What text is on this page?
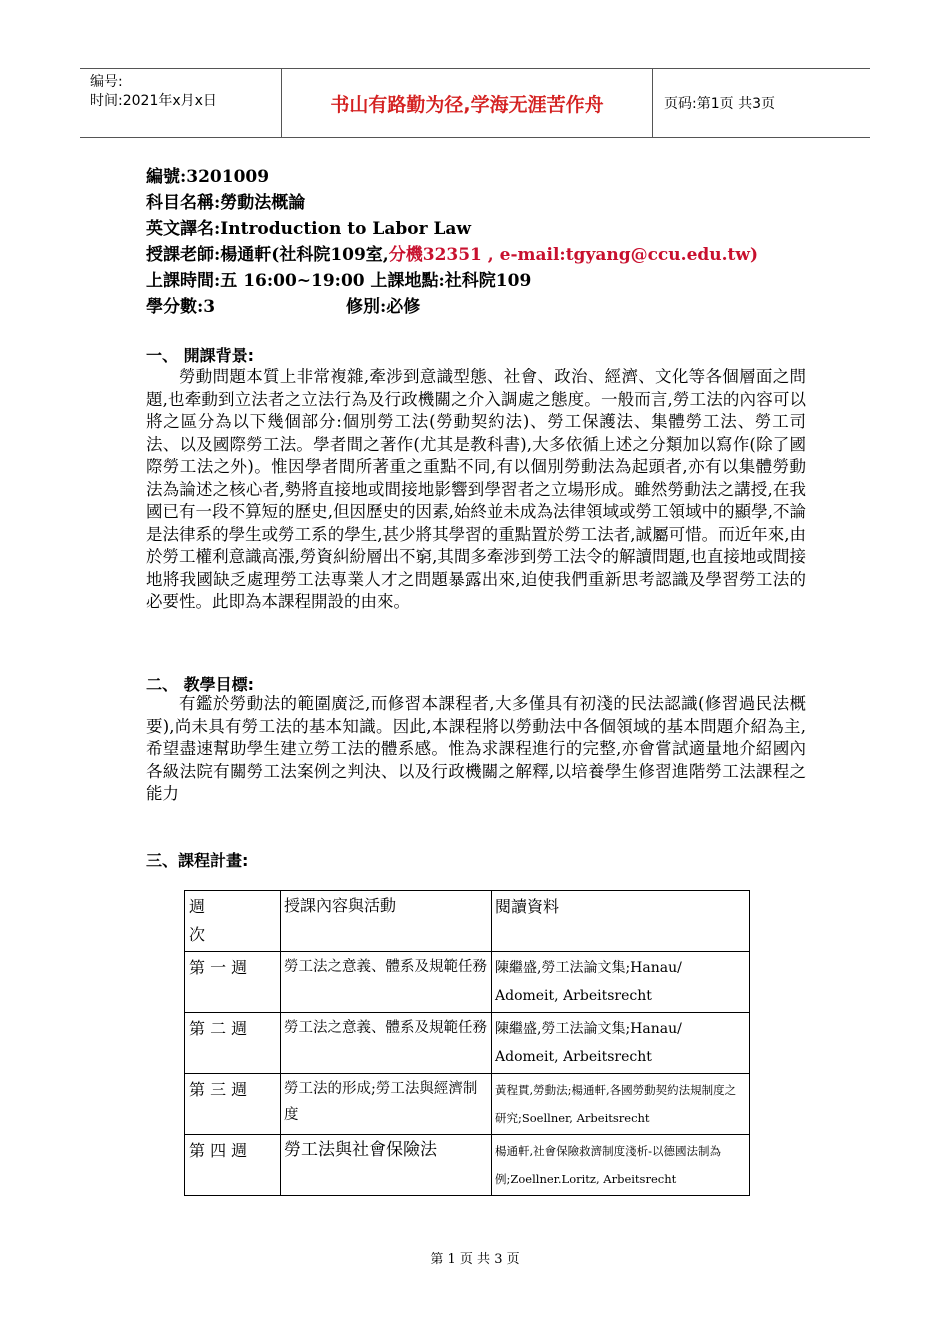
编号:
时间:2021年x月x日	书山有路勤为径,学海无涯苦作舟	页码:第1页 共3页
編號:3201009
科目名稱:勞動法概論
英文譯名:Introduction to Labor Law
授課老師:楊通軒(社科院109室,分機32351 , e-mail:tgyang@ccu.edu.tw)
上課時間:五 16:00~19:00 上課地點:社科院109
學分數:3	修別:必修
一、 開課背景:
勞動問題本質上非常複雜,牽涉到意識型態、社會、政治、經濟、文化等各個層面之問題,也牽動到立法者之立法行為及行政機關之介入調處之態度。一般而言,勞工法的內容可以將之區分為以下幾個部分:個別勞工法(勞動契約法)、勞工保護法、集體勞工法、勞工司法、以及國際勞工法。學者間之著作(尤其是教科書),大多依循上述之分類加以寫作(除了國際勞工法之外)。惟因學者間所著重之重點不同,有以個別勞動法為起頭者,亦有以集體勞動法為論述之核心者,勢將直接地或間接地影響到學習者之立場形成。雖然勞動法之講授,在我國已有一段不算短的歷史,但因歷史的因素,始終並未成為法律領域或勞工領域中的顯學,不論是法律系的學生或勞工系的學生,甚少將其學習的重點置於勞工法者,誠屬可惜。而近年來,由於勞工權利意識高漲,勞資糾紛層出不窮,其間多牽涉到勞工法令的解讀問題,也直接地或間接地將我國缺乏處理勞工法專業人才之問題暴露出來,迫使我們重新思考認識及學習勞工法的必要性。此即為本課程開設的由來。
二、 教學目標:
有鑑於勞動法的範圍廣泛,而修習本課程者,大多僅具有初淺的民法認識(修習過民法概要),尚未具有勞工法的基本知識。因此,本課程將以勞動法中各個領域的基本問題介紹為主,希望盡速幫助學生建立勞工法的體系感。惟為求課程進行的完整,亦會嘗試適量地介紹國內各級法院有關勞工法案例之判決、以及行政機關之解釋,以培養學生修習進階勞工法課程之能力
三、課程計畫:
週
次	授課內容與活動	閱讀資料
第 一 週	勞工法之意義、體系及規範任務	陳繼盛,勞工法論文集;Hanau/ Adomeit, Arbeitsrecht
第 二 週	勞工法之意義、體系及規範任務	陳繼盛,勞工法論文集;Hanau/ Adomeit, Arbeitsrecht
第 三 週	勞工法的形成;勞工法與經濟制度	黃程貫,勞動法;楊通軒,各國勞動契約法規制度之研究;Soellner, Arbeitsrecht
第 四 週	勞工法與社會保險法	楊通軒,社會保險救濟制度淺析-以德國法制為例;Zoellner.Loritz, Arbeitsrecht
第 1 页 共 3 页
